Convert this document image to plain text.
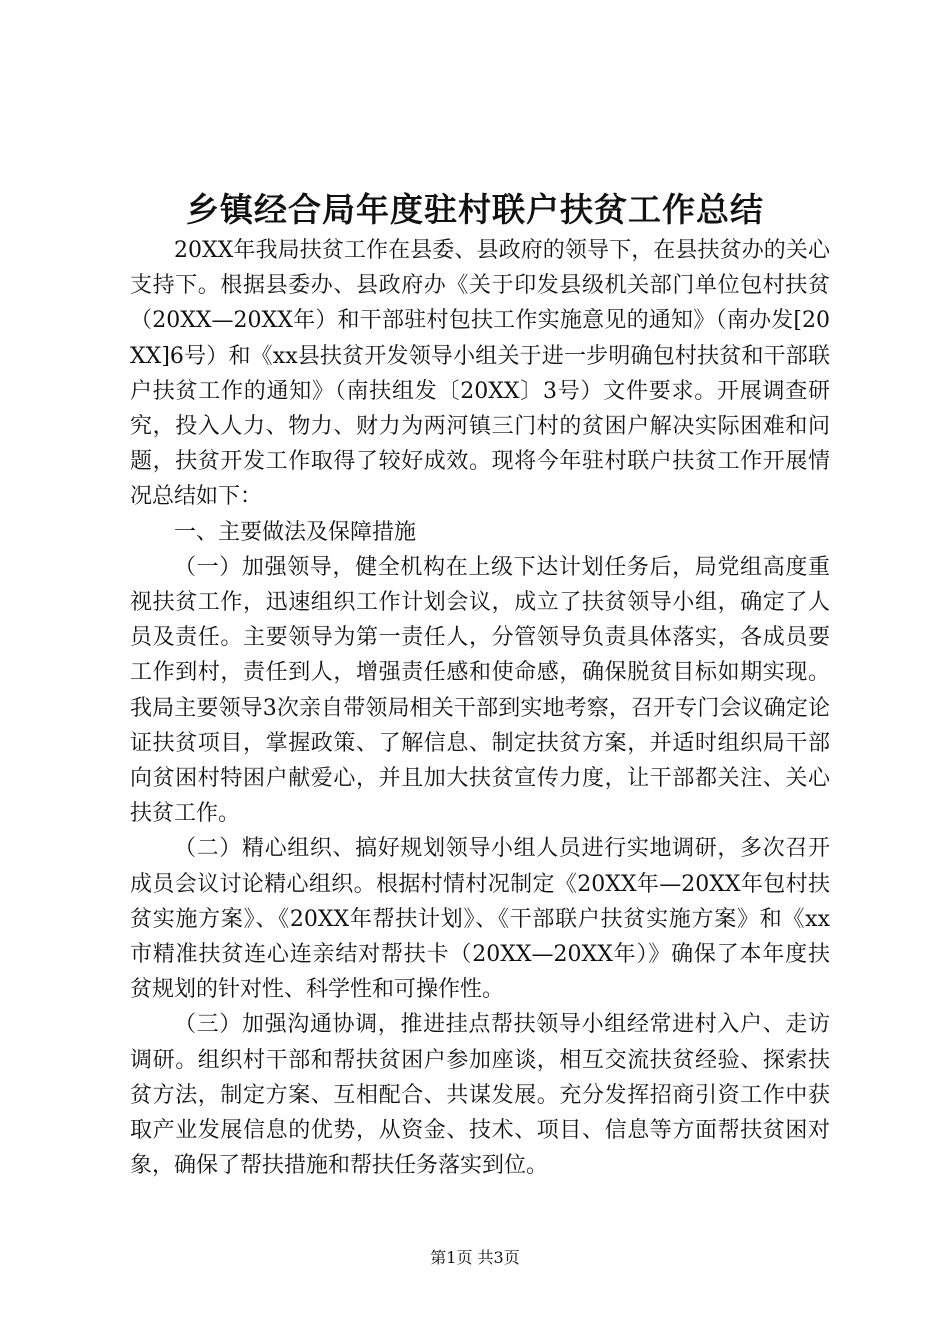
乡镇经合局年度驻村联户扶贫工作总结

20XX年我局扶贫工作在县委、县政府的领导下，在县扶贫办的关心支持下。根据县委办、县政府办《关于印发县级机关部门单位包村扶贫（20XX—20XX年）和干部驻村包扶工作实施意见的通知》（南办发[20XX]6号）和《xx县扶贫开发领导小组关于进一步明确包村扶贫和干部联户扶贫工作的通知》（南扶组发〔20XX〕3号）文件要求。开展调查研究，投入人力、物力、财力为两河镇三门村的贫困户解决实际困难和问题，扶贫开发工作取得了较好成效。现将今年驻村联户扶贫工作开展情况总结如下：

一、主要做法及保障措施

（一）加强领导，健全机构在上级下达计划任务后，局党组高度重视扶贫工作，迅速组织工作计划会议，成立了扶贫领导小组，确定了人员及责任。主要领导为第一责任人，分管领导负责具体落实，各成员要工作到村，责任到人，增强责任感和使命感，确保脱贫目标如期实现。我局主要领导3次亲自带领局相关干部到实地考察，召开专门会议确定论证扶贫项目，掌握政策、了解信息、制定扶贫方案，并适时组织局干部向贫困村特困户献爱心，并且加大扶贫宣传力度，让干部都关注、关心扶贫工作。

（二）精心组织、搞好规划领导小组人员进行实地调研，多次召开成员会议讨论精心组织。根据村情村况制定《20XX年—20XX年包村扶贫实施方案》、《20XX年帮扶计划》、《干部联户扶贫实施方案》和《xx市精准扶贫连心连亲结对帮扶卡（20XX—20XX年）》确保了本年度扶贫规划的针对性、科学性和可操作性。

（三）加强沟通协调，推进挂点帮扶领导小组经常进村入户、走访调研。组织村干部和帮扶贫困户参加座谈，相互交流扶贫经验、探索扶贫方法，制定方案、互相配合、共谋发展。充分发挥招商引资工作中获取产业发展信息的优势，从资金、技术、项目、信息等方面帮扶贫困对象，确保了帮扶措施和帮扶任务落实到位。

第1页 共3页
